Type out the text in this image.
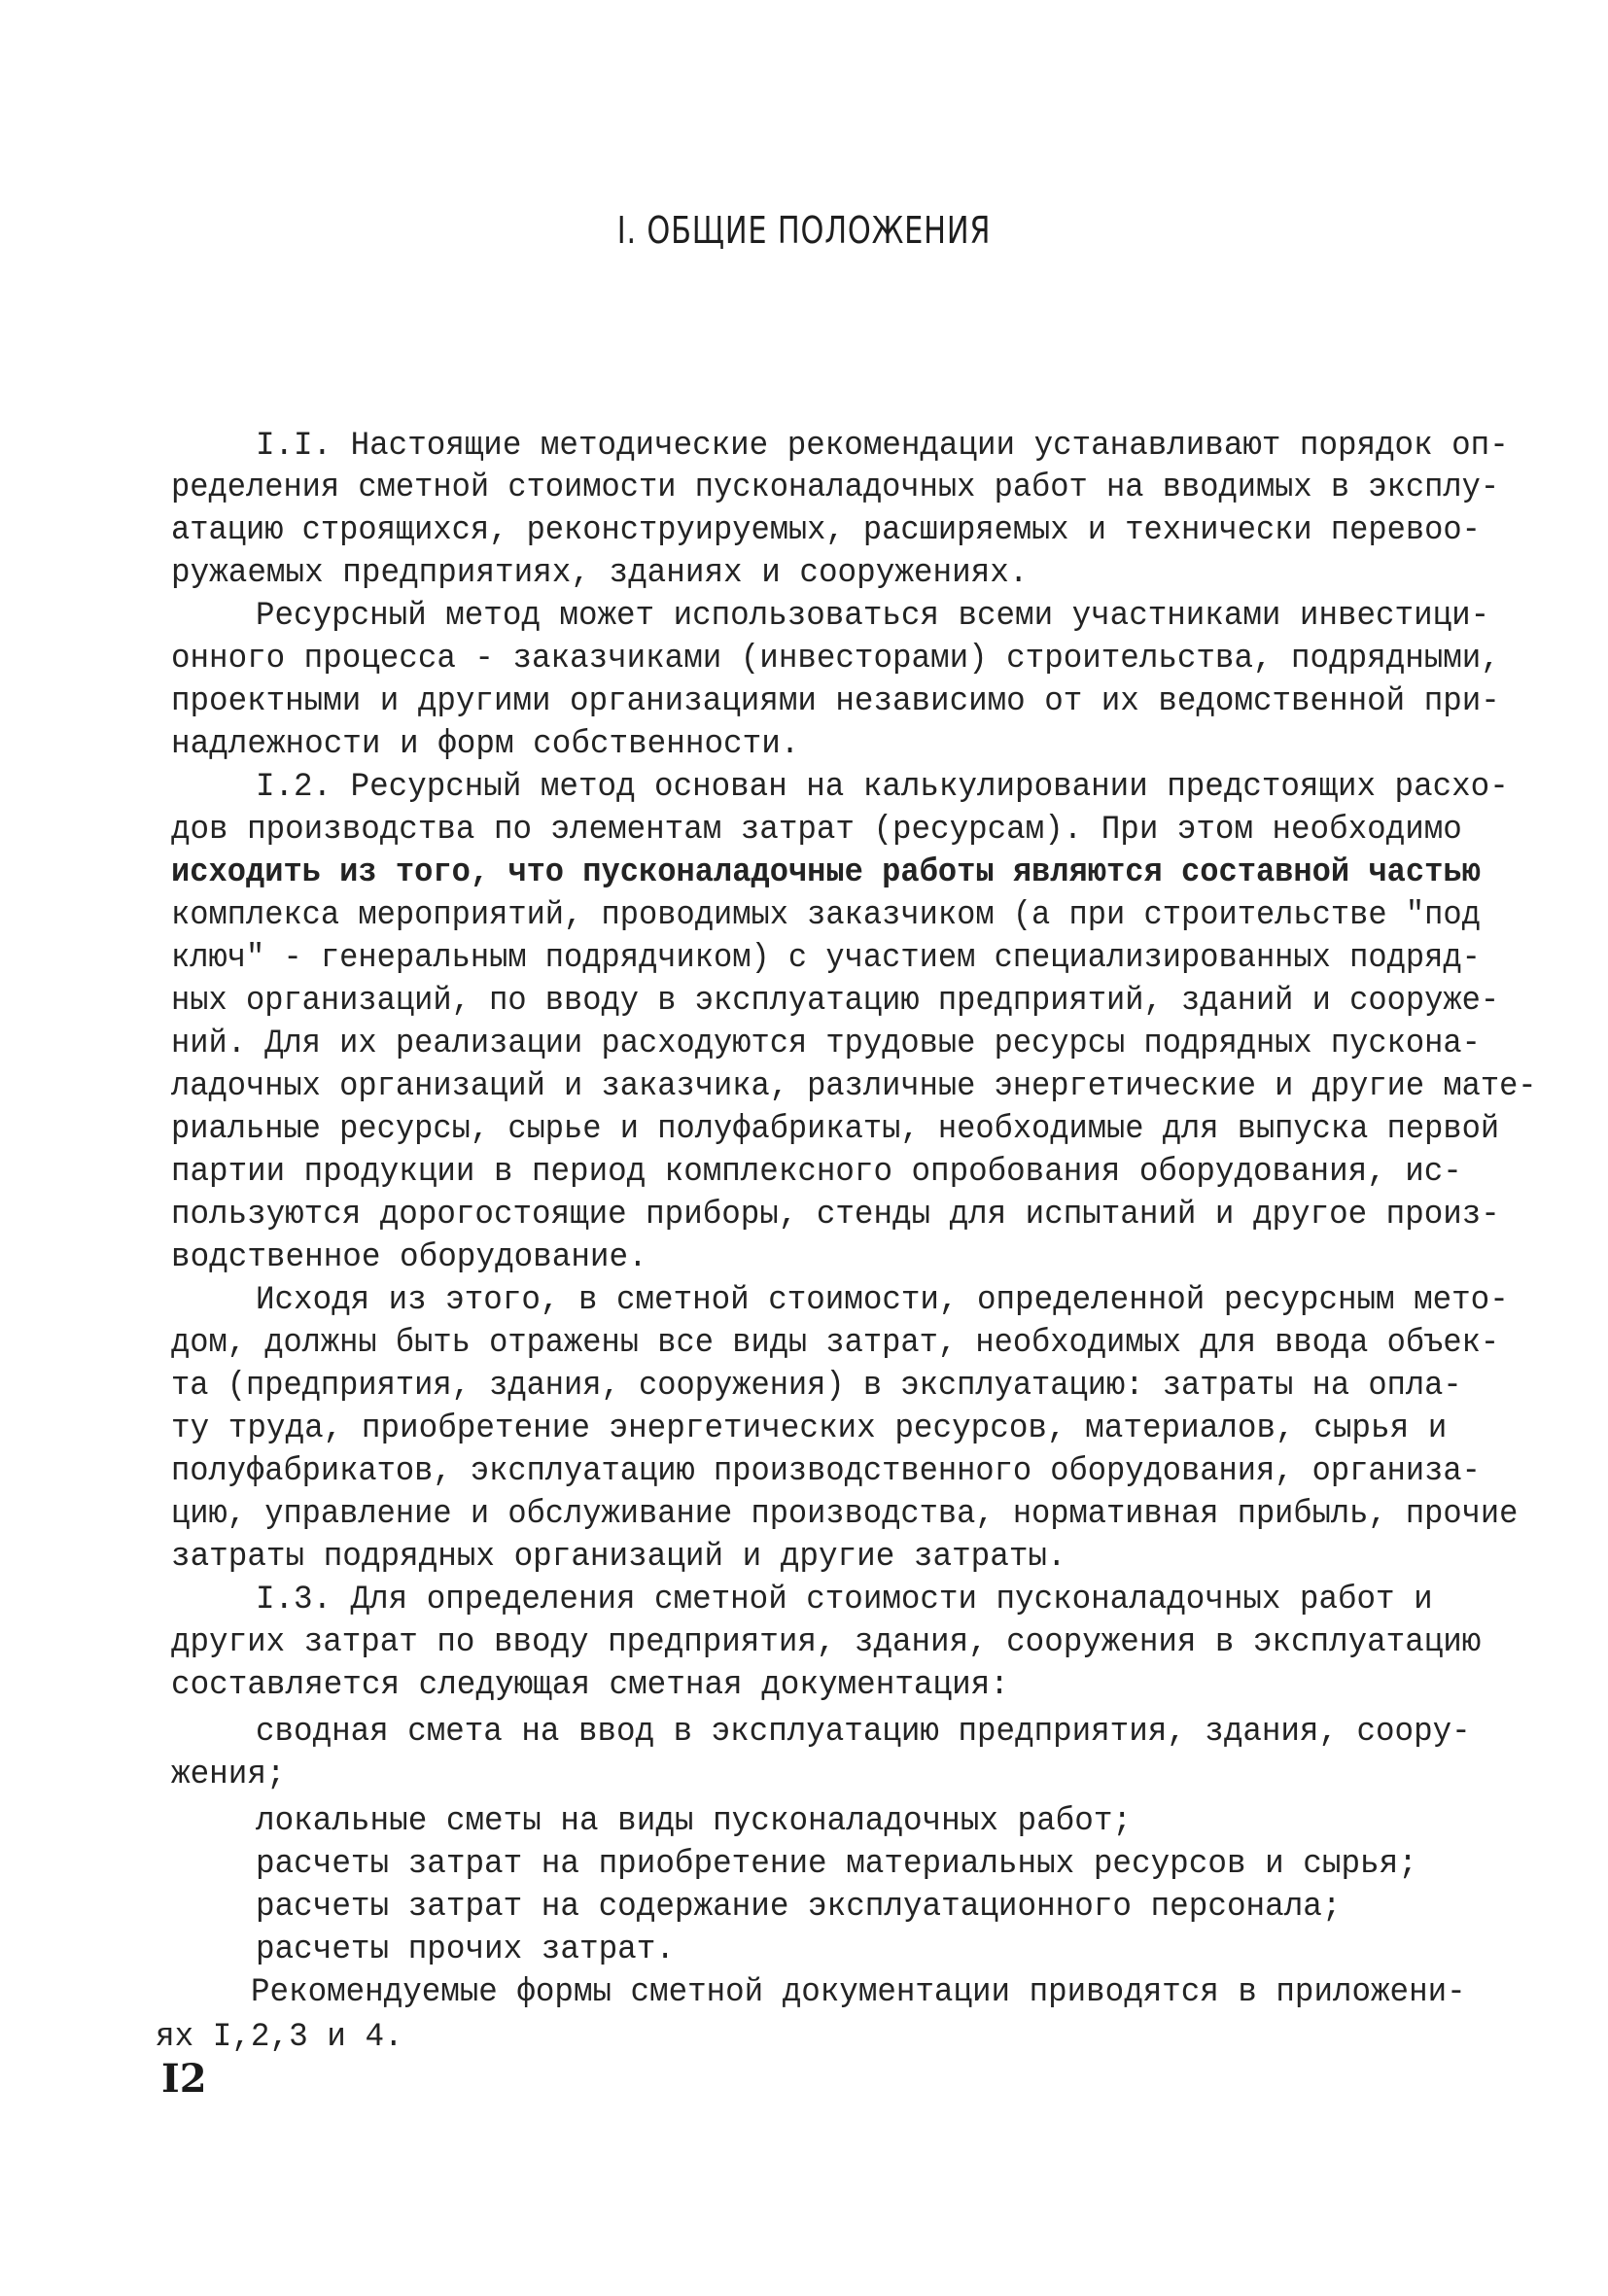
I. ОБЩИЕ ПОЛОЖЕНИЯ
I.I. Настоящие методические рекомендации устанавливают порядок оп-
ределения сметной стоимости пусконаладочных работ на вводимых в эксплу-
атацию строящихся, реконструируемых, расширяемых и технически перевоо-
ружаемых предприятиях, зданиях и сооружениях.
Ресурсный метод может использоваться всеми участниками инвестици-
онного процесса - заказчиками (инвесторами) строительства, подрядными,
проектными и другими организациями независимо от их ведомственной при-
надлежности и форм собственности.
I.2. Ресурсный метод основан на калькулировании предстоящих расхо-
дов производства по элементам затрат (ресурсам). При этом необходимо
исходить из того, что пусконаладочные работы являются составной частью
комплекса мероприятий, проводимых заказчиком (а при строительстве "под
ключ" - генеральным подрядчиком) с участием специализированных подряд-
ных организаций, по вводу в эксплуатацию предприятий, зданий и сооруже-
ний. Для их реализации расходуются трудовые ресурсы подрядных пускона-
ладочных организаций и заказчика, различные энергетические и другие мате-
риальные ресурсы, сырье и полуфабрикаты, необходимые для выпуска первой
партии продукции в период комплексного опробования оборудования, ис-
пользуются дорогостоящие приборы, стенды для испытаний и другое произ-
водственное оборудование.
Исходя из этого, в сметной стоимости, определенной ресурсным мето-
дом, должны быть отражены все виды затрат, необходимых для ввода объек-
та (предприятия, здания, сооружения) в эксплуатацию: затраты на опла-
ту труда, приобретение энергетических ресурсов, материалов, сырья и
полуфабрикатов, эксплуатацию производственного оборудования, организа-
цию, управление и обслуживание производства, нормативная прибыль, прочие
затраты подрядных организаций и другие затраты.
I.3. Для определения сметной стоимости пусконаладочных работ и
других затрат по вводу предприятия, здания, сооружения в эксплуатацию
составляется следующая сметная документация:
сводная смета на ввод в эксплуатацию предприятия, здания, соору-
жения;
локальные сметы на виды пусконаладочных работ;
расчеты затрат на приобретение материальных ресурсов и сырья;
расчеты затрат на содержание эксплуатационного персонала;
расчеты прочих затрат.
Рекомендуемые формы сметной документации приводятся в приложени-
ях I,2,3 и 4.
I2
